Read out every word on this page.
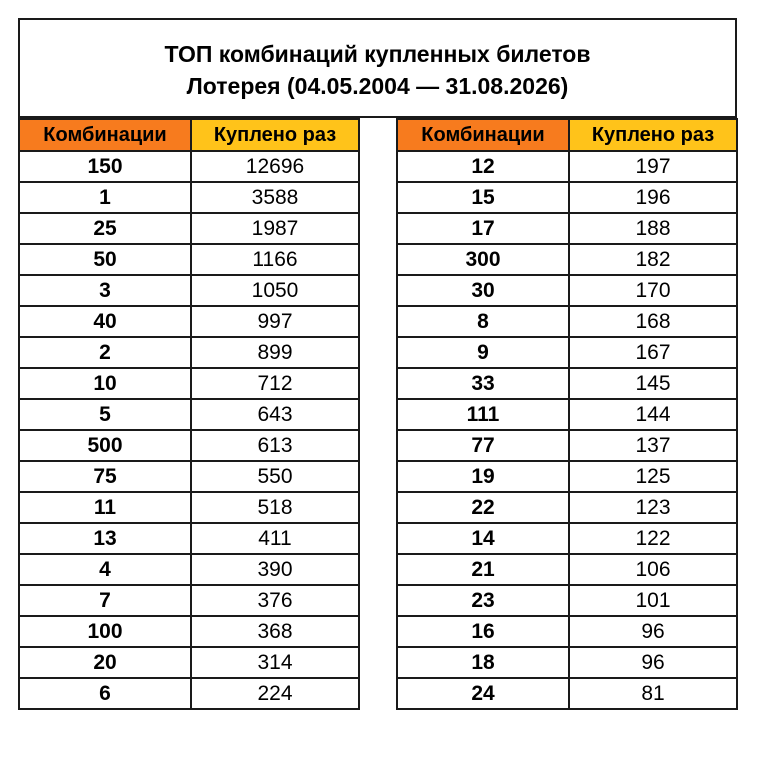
ТОП комбинаций купленных билетов
Лотерея (04.05.2004 — 31.08.2026)
Комбинации	Куплено раз
150	12696
1	3588
25	1987
50	1166
3	1050
40	997
2	899
10	712
5	643
500	613
75	550
11	518
13	411
4	390
7	376
100	368
20	314
6	224
Комбинации	Куплено раз
12	197
15	196
17	188
300	182
30	170
8	168
9	167
33	145
111	144
77	137
19	125
22	123
14	122
21	106
23	101
16	96
18	96
24	81
